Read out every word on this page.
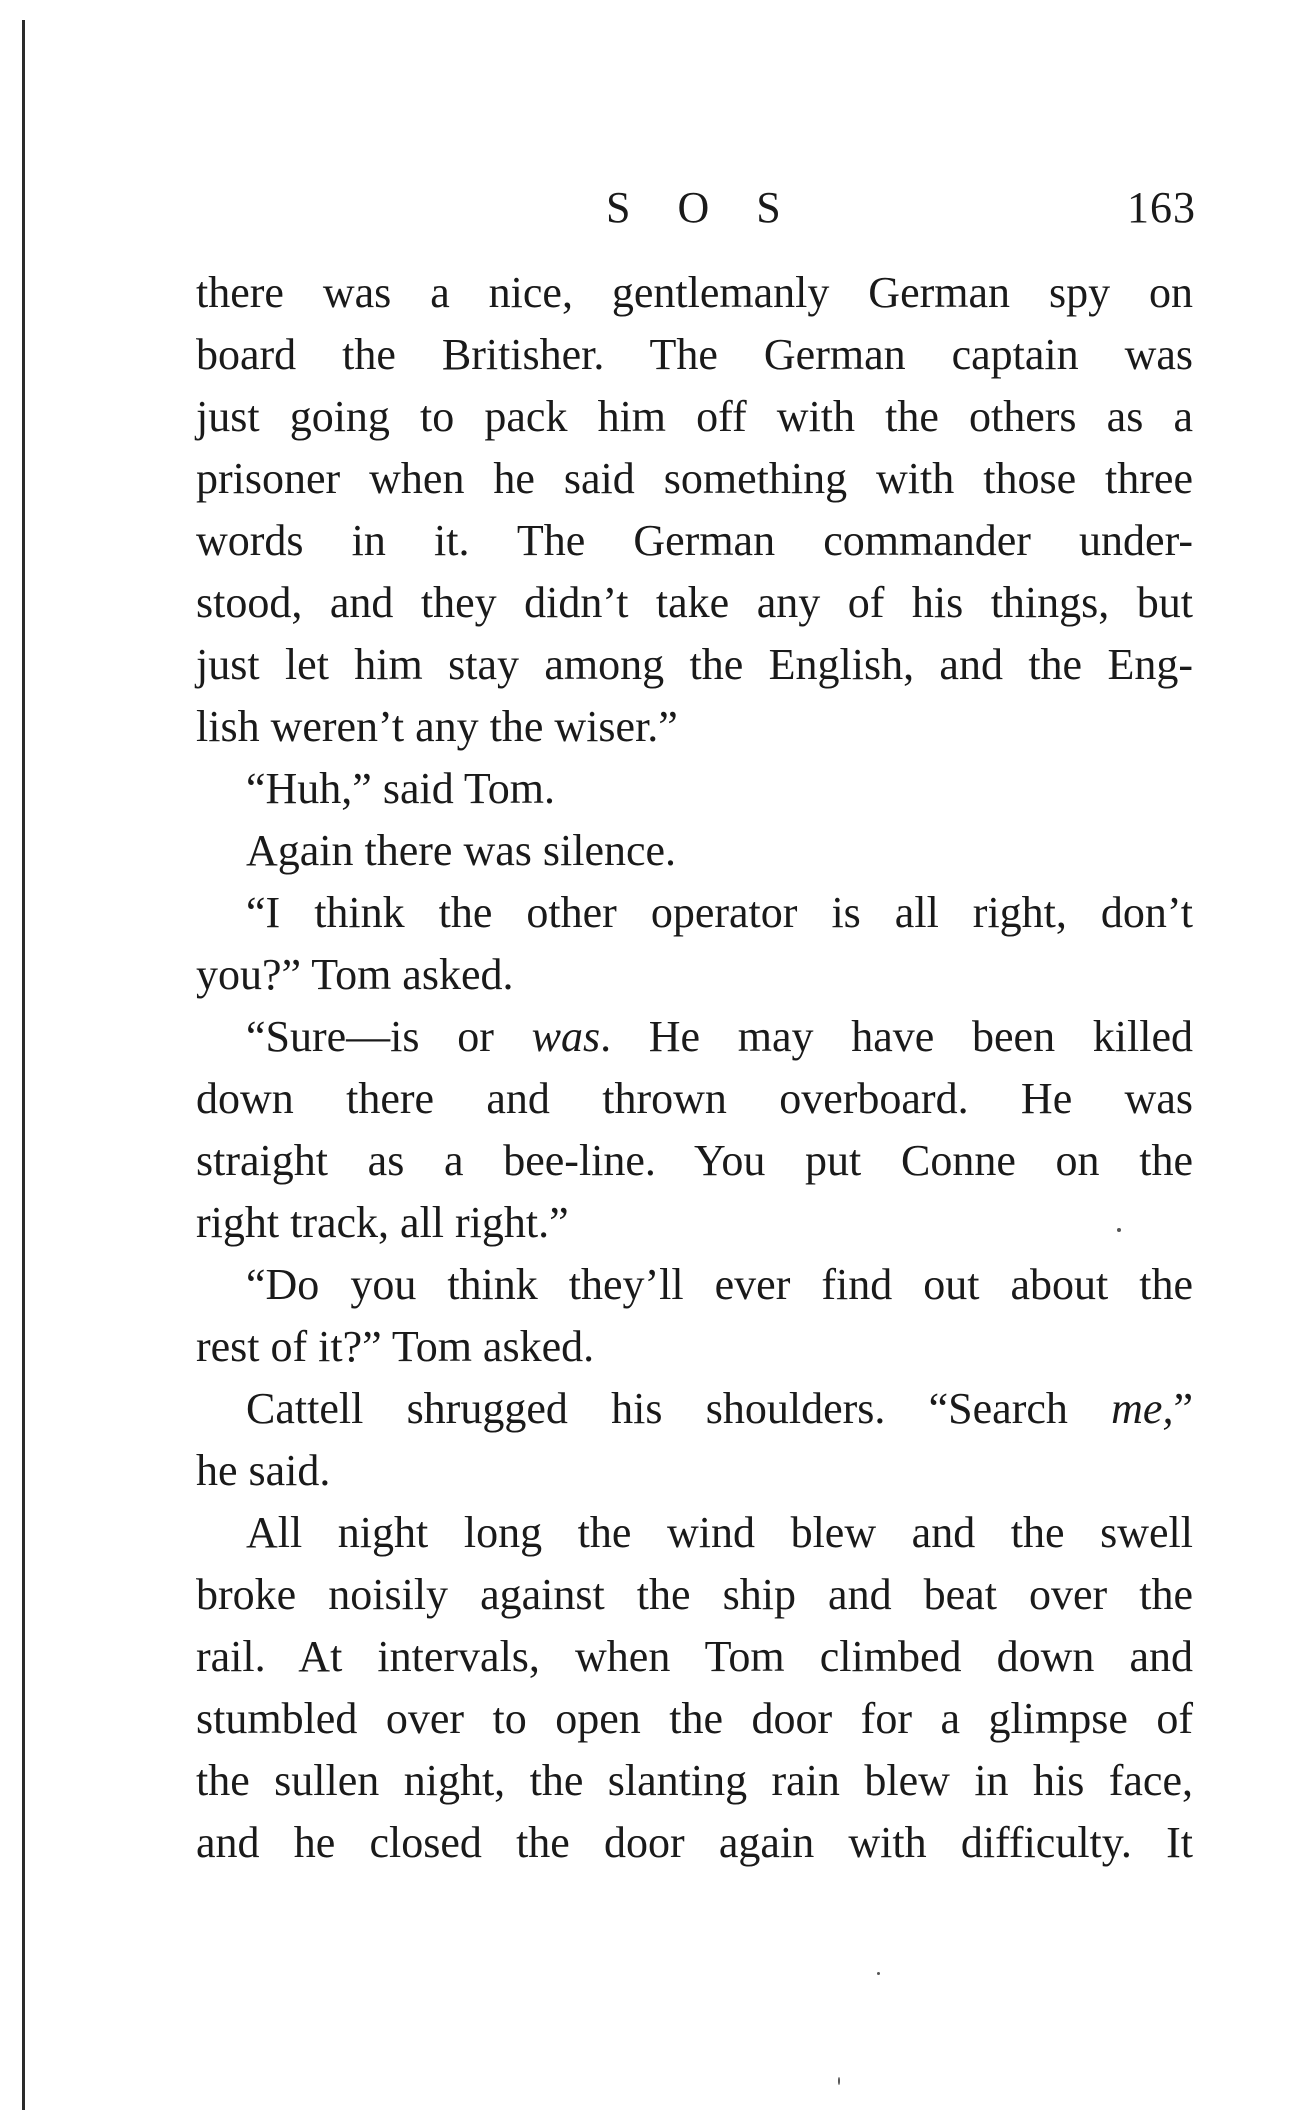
S O S	163
there was a nice, gentlemanly German spy on
board the Britisher. The German captain was
just going to pack him off with the others as a
prisoner when he said something with those three
words in it. The German commander under-
stood, and they didn’t take any of his things, but
just let him stay among the English, and the Eng-
lish weren’t any the wiser.”
“Huh,” said Tom.
Again there was silence.
“I think the other operator is all right, don’t
you?” Tom asked.
“Sure—is or was. He may have been killed
down there and thrown overboard. He was
straight as a bee-line. You put Conne on the
right track, all right.”
“Do you think they’ll ever find out about the
rest of it?” Tom asked.
Cattell shrugged his shoulders. “Search me,”
he said.
All night long the wind blew and the swell
broke noisily against the ship and beat over the
rail. At intervals, when Tom climbed down and
stumbled over to open the door for a glimpse of
the sullen night, the slanting rain blew in his face,
and he closed the door again with difficulty. It
